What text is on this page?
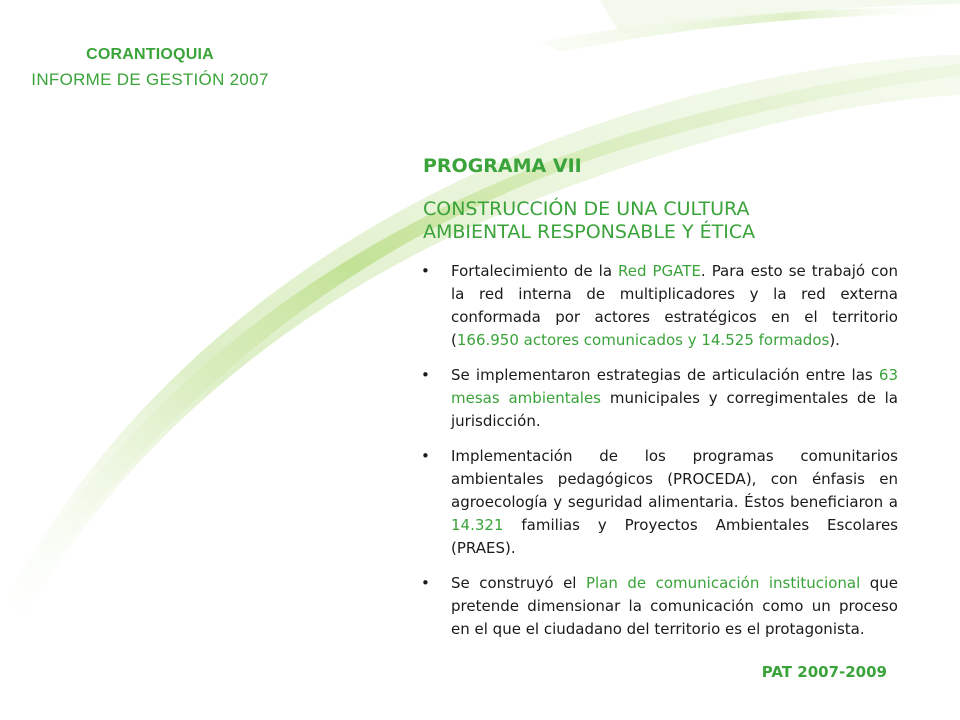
CORANTIOQUIA
INFORME DE GESTIÓN 2007
PROGRAMA VII
CONSTRUCCIÓN DE UNA CULTURA
AMBIENTAL RESPONSABLE Y ÉTICA
• Fortalecimiento de la Red PGATE. Para esto se trabajó con la red interna de multiplicadores y la red externa conformada por actores estratégicos en el territorio (166.950 actores comunicados y 14.525 formados).
• Se implementaron estrategias de articulación entre las 63 mesas ambientales municipales y corregimentales de la jurisdicción.
• Implementación de los programas comunitarios ambientales pedagógicos (PROCEDA), con énfasis en agroecología y seguridad alimentaria. Éstos beneficiaron a 14.321 familias y Proyectos Ambientales Escolares (PRAES).
• Se construyó el Plan de comunicación institucional que pretende dimensionar la comunicación como un proceso en el que el ciudadano del territorio es el protagonista.
PAT 2007-2009
